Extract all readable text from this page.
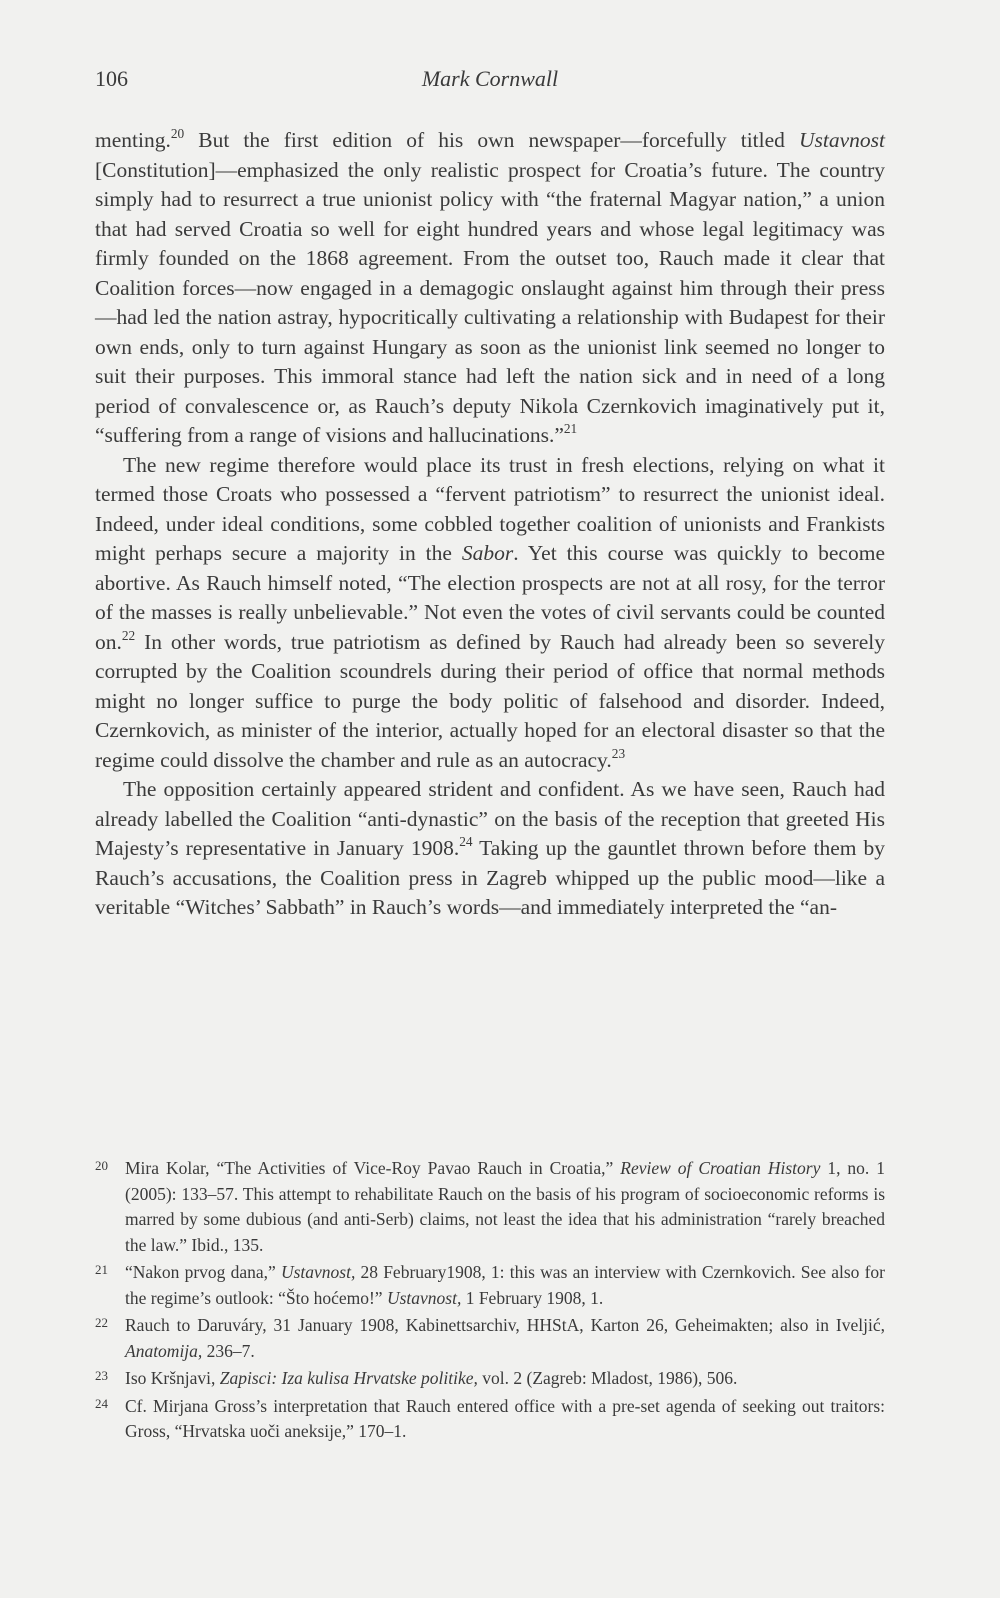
106	Mark Cornwall

menting.$^{20}$ But the first edition of his own newspaper—forcefully titled Ustavnost [Constitution]—emphasized the only realistic prospect for Croatia’s future. The country simply had to resurrect a true unionist policy with “the fraternal Magyar nation,” a union that had served Croatia so well for eight hundred years and whose legal legitimacy was firmly founded on the 1868 agreement. From the outset too, Rauch made it clear that Coalition forces—now engaged in a demagogic onslaught against him through their press—had led the nation astray, hypocritically cultivating a relationship with Budapest for their own ends, only to turn against Hungary as soon as the unionist link seemed no longer to suit their purposes. This immoral stance had left the nation sick and in need of a long period of convalescence or, as Rauch’s deputy Nikola Czernkovich imaginatively put it, “suffering from a range of visions and hallucinations.”$^{21}$

The new regime therefore would place its trust in fresh elections, relying on what it termed those Croats who possessed a “fervent patriotism” to resurrect the unionist ideal. Indeed, under ideal conditions, some cobbled together coalition of unionists and Frankists might perhaps secure a majority in the Sabor. Yet this course was quickly to become abortive. As Rauch himself noted, “The election prospects are not at all rosy, for the terror of the masses is really unbelievable.” Not even the votes of civil servants could be counted on.$^{22}$ In other words, true patriotism as defined by Rauch had already been so severely corrupted by the Coalition scoundrels during their period of office that normal methods might no longer suffice to purge the body politic of falsehood and disorder. Indeed, Czernkovich, as minister of the interior, actually hoped for an electoral disaster so that the regime could dissolve the chamber and rule as an autocracy.$^{23}$

The opposition certainly appeared strident and confident. As we have seen, Rauch had already labelled the Coalition “anti-dynastic” on the basis of the reception that greeted His Majesty’s representative in January 1908.24 Taking up the gauntlet thrown before them by Rauch’s accusations, the Coalition press in Zagreb whipped up the public mood—like a veritable “Witches’ Sabbath” in Rauch’s words—and immediately interpreted the “an-

20 Mira Kolar, “The Activities of Vice-Roy Pavao Rauch in Croatia,” Review of Croatian History 1, no. 1 (2005): 133–57. This attempt to rehabilitate Rauch on the basis of his program of socioeconomic reforms is marred by some dubious (and anti-Serb) claims, not least the idea that his administration “rarely breached the law.” Ibid., 135.
21 “Nakon prvog dana,” Ustavnost, 28 February1908, 1: this was an interview with Czernkovich. See also for the regime’s outlook: “Što hoćemo!” Ustavnost, 1 February 1908, 1.
22 Rauch to Daruváry, 31 January 1908, Kabinettsarchiv, HHStA, Karton 26, Geheimakten; also in Iveljić, Anatomija, 236–7.
23 Iso Kršnjavi, Zapisci: Iza kulisa Hrvatske politike, vol. 2 (Zagreb: Mladost, 1986), 506.
24 Cf. Mirjana Gross’s interpretation that Rauch entered office with a pre-set agenda of seeking out traitors: Gross, “Hrvatska uoči aneksije,” 170–1.
